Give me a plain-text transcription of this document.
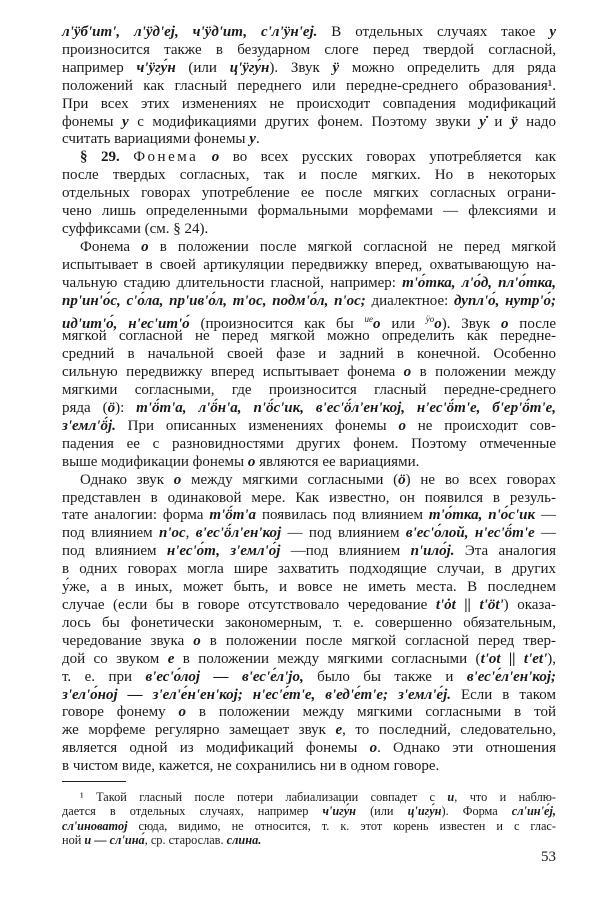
л'ӱб'ит', л'ӱд'еj, ч'ӱд'ит, с'л'ӱн'еj. В отдельных случаях такое у
произносится также в безударном слоге перед твердой согласной,
например ч'ӱгу́н (или ц'ӱгу́н). Звук ӱ можно определить для ряда
положений как гласный переднего или передне-среднего образования¹.
При всех этих изменениях не происходит совпадения модификаций
фонемы у с модификациями других фонем. Поэтому звуки у̇ и ӱ надо
считать вариациями фонемы у.
§ 29. Фонема о во всех русских говорах употребляется как
после твердых согласных, так и после мягких. Но в некоторых
отдельных говорах употребление ее после мягких согласных ограни-
чено лишь определенными формальными морфемами — флексиями и
суффиксами (см. § 24).
Фонема о в положении после мягкой согласной не перед мягкой
испытывает в своей артикуляции передвижку вперед, охватывающую на-
чальную стадию длительности гласной, например: т'о́тка, л'о́д, пл'о́тка,
пр'ин'о́с, с'о́ла, пр'ив'о́л, т'ос, подм'о́л, п'ос; диалектное: дупл'о́, нутр'о́;
ид'ит'о́, н'ес'ит'о́ (произносится как бы $^{ие}$о или $^{ӱо}$о). Звук о после
мягкой согласной не перед мягкой можно определить как передне-
средний в начальной своей фазе и задний в конечной. Особенно
сильную передвижку вперед испытывает фонема о в положении между
мягкими согласными, где произносится гласный передне-среднего
ряда (ӧ): т'ӧ́т'а, л'ӧ́н'а, п'ӧ́с'ик, в'ес'ӧ́л'ен'коj, н'ес'ӧ́т'е, б'ер'ӧ́т'е,
з'емл'ӧ́j. При описанных изменениях фонемы о не происходит сов-
падения ее с разновидностями других фонем. Поэтому отмеченные
выше модификации фонемы о являются ее вариациями.
Однако звук о между мягкими согласными (ӧ) не во всех говорах
представлен в одинаковой мере. Как известно, он появился в резуль-
тате аналогии: форма т'ӧ́т'а появилась под влиянием т'о́тка, п'о́с'ик —
под влиянием п'ос, в'ес'ӧ́л'ен'коj — под влиянием в'ес'о́лой, н'ес'ӧ́т'е —
под влиянием н'ес'о́т, з'емл'о́j —под влиянием п'ило́j. Эта аналогия
в одних говорах могла шире захватить подходящие случаи, в других
у́же, а в иных, может быть, и вовсе не иметь места. В последнем
случае (если бы в говоре отсутствовало чередование t'ȯt || t'ӧt') оказа-
лось бы фонетически закономерным, т. е. совершенно обязательным,
чередование звука о в положении после мягкой согласной перед твер-
дой со звуком е в положении между мягкими согласными (t'ot || t'et'),
т. е. при в'ес'о́лоj — в'ес'е́л'jо, было бы также и в'ес'е́л'ен'коj;
з'ел'о́ноj — з'ел'е́н'ен'коj; н'ес'е́т'е, в'ед'е́т'е; з'емл'е́j. Если в таком
говоре фонему о в положении между мягкими согласными в той
же морфеме регулярно замещает звук е, то последний, следовательно,
является одной из модификаций фонемы о. Однако эти отношения
в чистом виде, кажется, не сохранились ни в одном говоре.
¹ Такой гласный после потери лабиализации совпадет с и, что и наблю-
дается в отдельных случаях, например ч'игу́н (или ц'игу́н). Форма сл'ин'е́j,
сл'иноватоj сюда, видимо, не относится, т. к. этот корень известен и с глас-
ной и — сл'ина́, ср. старослав. слина.
53
